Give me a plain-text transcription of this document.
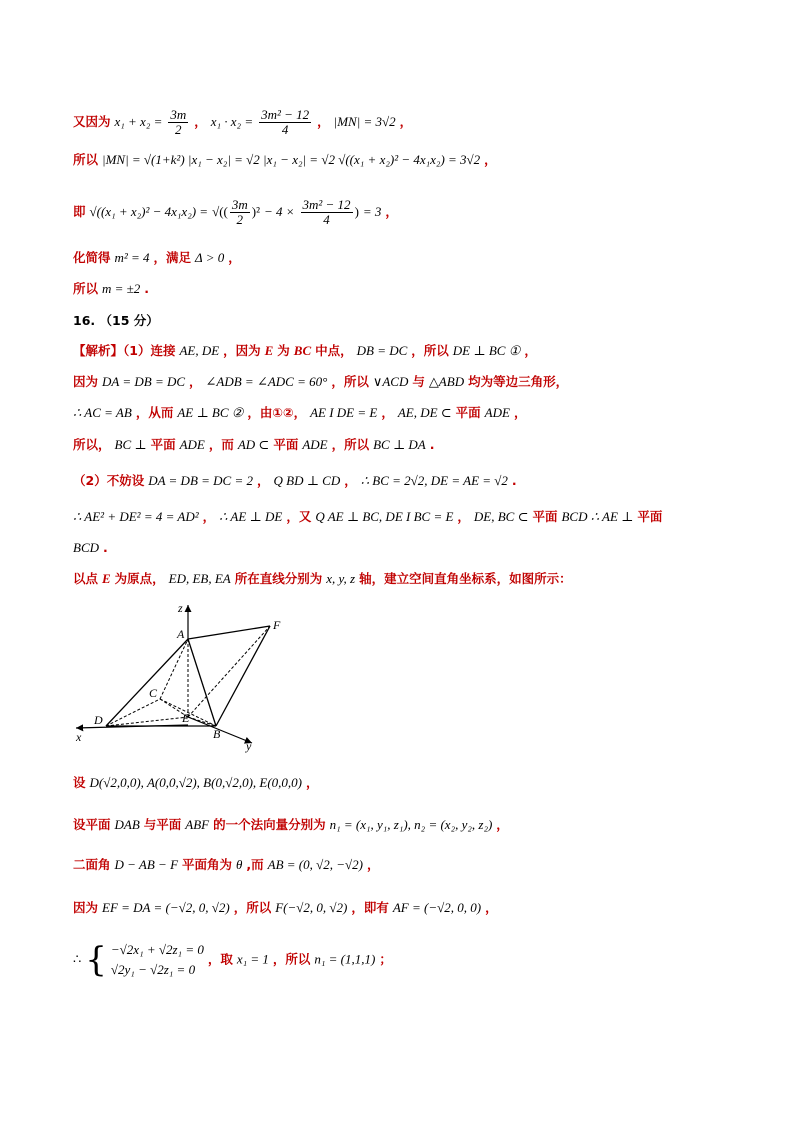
又因为 $x_1 + x_2 = \frac{3m}{2}$ ， $x_1 \cdot x_2 = \frac{\text{3m² − 12}}{4}$ ， |MN| = 3√2 ，
所以 |MN| = √(1+k²) |x₁ − x₂| = √2 |x₁ − x₂| = √2 √((x₁ + x₂)² − 4x₁x₂) = 3√2 ，
即 √((x₁ + x₂)² − 4x₁x₂) = √(( $\frac{3m}{2} )^2 - 4 \times \frac{\text{3m² − 12}}{4}$ ) = 3 ，
化简得 m² = 4 ，满足 Δ > 0 ，
所以 m = ±2 .
16. （15 分）
【解析】（1）连接 AE, DE ，因为 E 为 BC 中点， DB = DC ，所以 DE ⊥ BC ① ，
因为 DA = DB = DC ， ∠ADB = ∠ADC = 60° ，所以 ∨ACD 与 △ABD 均为等边三角形，
∴ AC = AB ，从而 AE ⊥ BC ② ，由①②， AE I DE = E ， AE, DE ⊂ 平面 ADE ，
所以， BC ⊥ 平面 ADE ，而 AD ⊂ 平面 ADE ，所以 BC ⊥ DA .
（2）不妨设 DA = DB = DC = 2 ， Q BD ⊥ CD ， ∴ BC = 2√2, DE = AE = √2 .
∴ AE² + DE² = 4 = AD² ， ∴ AE ⊥ DE ，又 Q AE ⊥ BC, DE I BC = E ， DE, BC ⊂ 平面 BCD ∴ AE ⊥ 平面
BCD .
以点 E 为原点， ED, EB, EA 所在直线分别为 x, y, z 轴，建立空间直角坐标系，如图所示：
z
A
F
C
D	E
B
x
y
设 D(√2,0,0), A(0,0,√2), B(0,√2,0), E(0,0,0) ，
设平面 DAB 与平面 ABF 的一个法向量分别为 n₁ = (x₁, y₁, z₁), n₂ = (x₂, y₂, z₂) ，
二面角 D − AB − F 平面角为 θ ,而 AB = (0, √2, −√2) ，
因为 EF = DA = (−√2, 0, √2) ，所以 F(−√2, 0, √2) ，即有 AF = (−√2, 0, 0) ，
∴ { −√2x₁ + √2z₁ = 0
√2y₁ − √2z₁ = 0
，取 x₁ = 1 ，所以 n₁ = (1,1,1) ；
